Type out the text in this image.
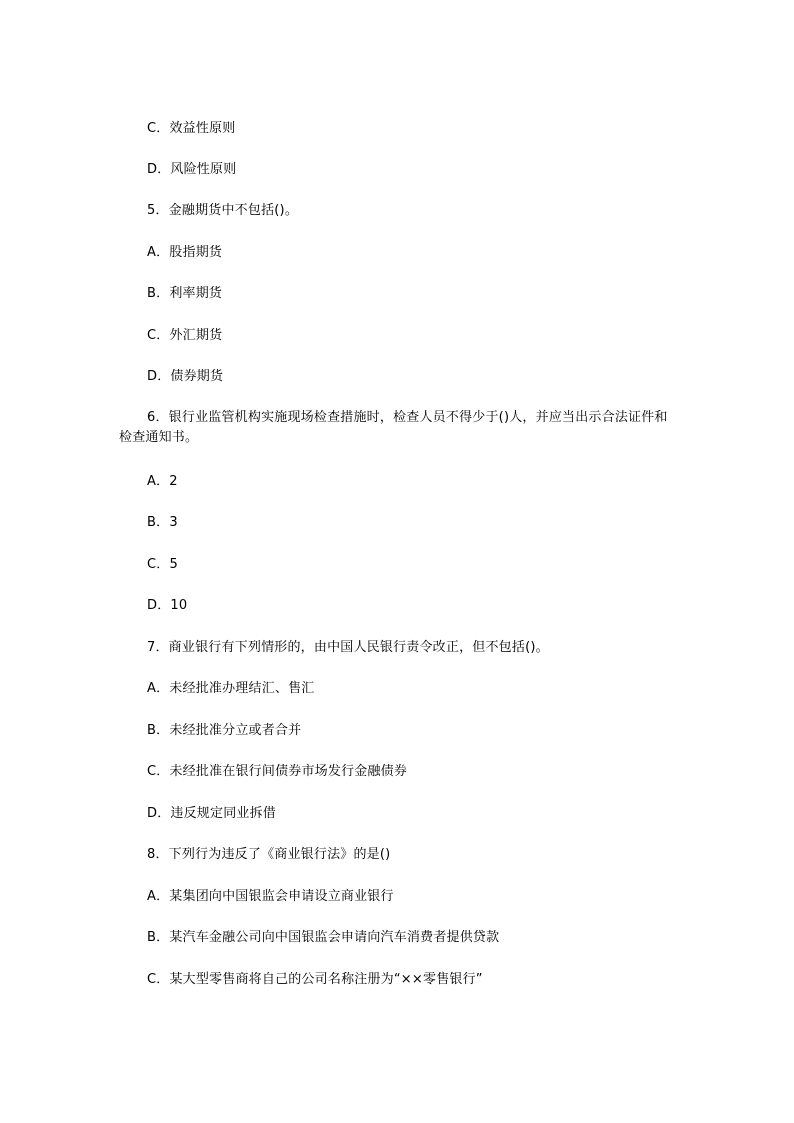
C．效益性原则
D．风险性原则
5．金融期货中不包括()。
A．股指期货
B．利率期货
C．外汇期货
D．债券期货
6．银行业监管机构实施现场检查措施时，检查人员不得少于()人，并应当出示合法证件和检查通知书。
A．2
B．3
C．5
D．10
7．商业银行有下列情形的，由中国人民银行责令改正，但不包括()。
A．未经批准办理结汇、售汇
B．未经批准分立或者合并
C．未经批准在银行间债券市场发行金融债券
D．违反规定同业拆借
8．下列行为违反了《商业银行法》的是()
A．某集团向中国银监会申请设立商业银行
B．某汽车金融公司向中国银监会申请向汽车消费者提供贷款
C．某大型零售商将自己的公司名称注册为“××零售银行”
